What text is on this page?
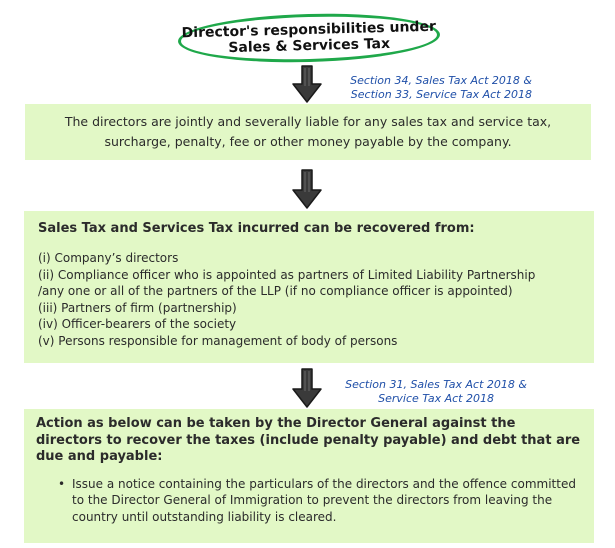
Director's responsibilities under
Sales & Services Tax
Section 34, Sales Tax Act 2018 &
Section 33, Service Tax Act 2018

The directors are jointly and severally liable for any sales tax and service tax, surcharge, penalty, fee or other money payable by the company.

Sales Tax and Services Tax incurred can be recovered from:
(i) Company’s directors
(ii) Compliance officer who is appointed as partners of Limited Liability Partnership
/any one or all of the partners of the LLP (if no compliance officer is appointed)
(iii) Partners of firm (partnership)
(iv) Officer-bearers of the society
(v) Persons responsible for management of body of persons
Section 31, Sales Tax Act 2018 &
Service Tax Act 2018
Action as below can be taken by the Director General against the directors to recover the taxes (include penalty payable) and debt that are due and payable:
• Issue a notice containing the particulars of the directors and the offence committed to the Director General of Immigration to prevent the directors from leaving the country until outstanding liability is cleared.
